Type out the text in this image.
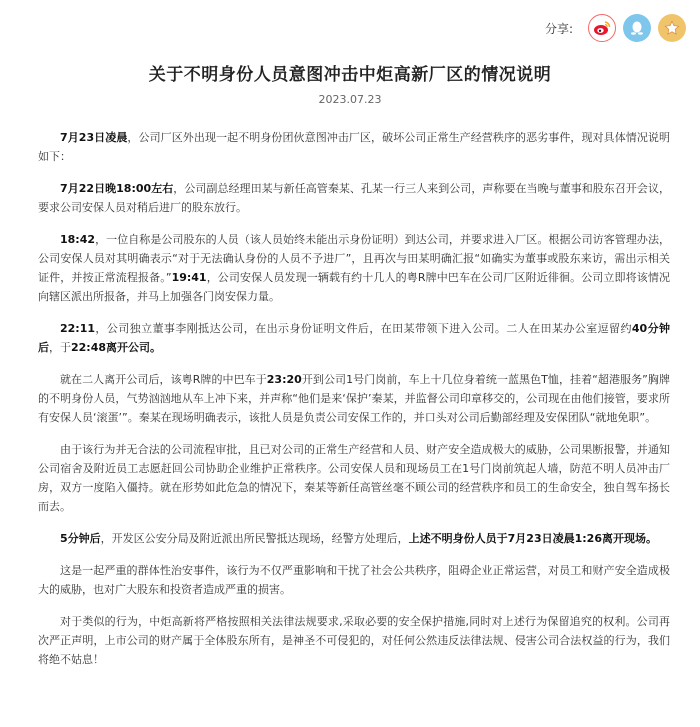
分享:
关于不明身份人员意图冲击中炬高新厂区的情况说明
2023.07.23

7月23日凌晨，公司厂区外出现一起不明身份团伙意图冲击厂区，破坏公司正常生产经营秩序的恶劣事件，现对具体情况说明如下：

7月22日晚18:00左右，公司副总经理田某与新任高管秦某、孔某一行三人来到公司，声称要在当晚与董事和股东召开会议，要求公司安保人员对稍后进厂的股东放行。

18:42，一位自称是公司股东的人员（该人员始终未能出示身份证明）到达公司，并要求进入厂区。根据公司访客管理办法，公司安保人员对其明确表示“对于无法确认身份的人员不予进厂”，且再次与田某明确汇报“如确实为董事或股东来访，需出示相关证件，并按正常流程报备。”19:41，公司安保人员发现一辆载有约十几人的粤R牌中巴车在公司厂区附近徘徊。公司立即将该情况向辖区派出所报备，并马上加强各门岗安保力量。

22:11，公司独立董事李刚抵达公司，在出示身份证明文件后，在田某带领下进入公司。二人在田某办公室逗留约40分钟后，于22:48离开公司。

就在二人离开公司后，该粤R牌的中巴车于23:20开到公司1号门岗前，车上十几位身着统一蓝黑色T恤，挂着“超港服务”胸牌的不明身份人员，气势汹汹地从车上冲下来，并声称“他们是来‘保护’秦某，并监督公司印章移交的，公司现在由他们接管，要求所有安保人员‘滚蛋’”。秦某在现场明确表示，该批人员是负责公司安保工作的，并口头对公司后勤部经理及安保团队“就地免职”。

由于该行为并无合法的公司流程审批，且已对公司的正常生产经营和人员、财产安全造成极大的威胁，公司果断报警，并通知公司宿舍及附近员工志愿赶回公司协助企业维护正常秩序。公司安保人员和现场员工在1号门岗前筑起人墙，防范不明人员冲击厂房，双方一度陷入僵持。就在形势如此危急的情况下，秦某等新任高管丝毫不顾公司的经营秩序和员工的生命安全，独自驾车扬长而去。

5分钟后，开发区公安分局及附近派出所民警抵达现场，经警方处理后，上述不明身份人员于7月23日凌晨1:26离开现场。

这是一起严重的群体性治安事件，该行为不仅严重影响和干扰了社会公共秩序，阻碍企业正常运营，对员工和财产安全造成极大的威胁，也对广大股东和投资者造成严重的损害。

对于类似的行为，中炬高新将严格按照相关法律法规要求,采取必要的安全保护措施,同时对上述行为保留追究的权利。公司再次严正声明，上市公司的财产属于全体股东所有，是神圣不可侵犯的，对任何公然违反法律法规、侵害公司合法权益的行为，我们将绝不姑息！
